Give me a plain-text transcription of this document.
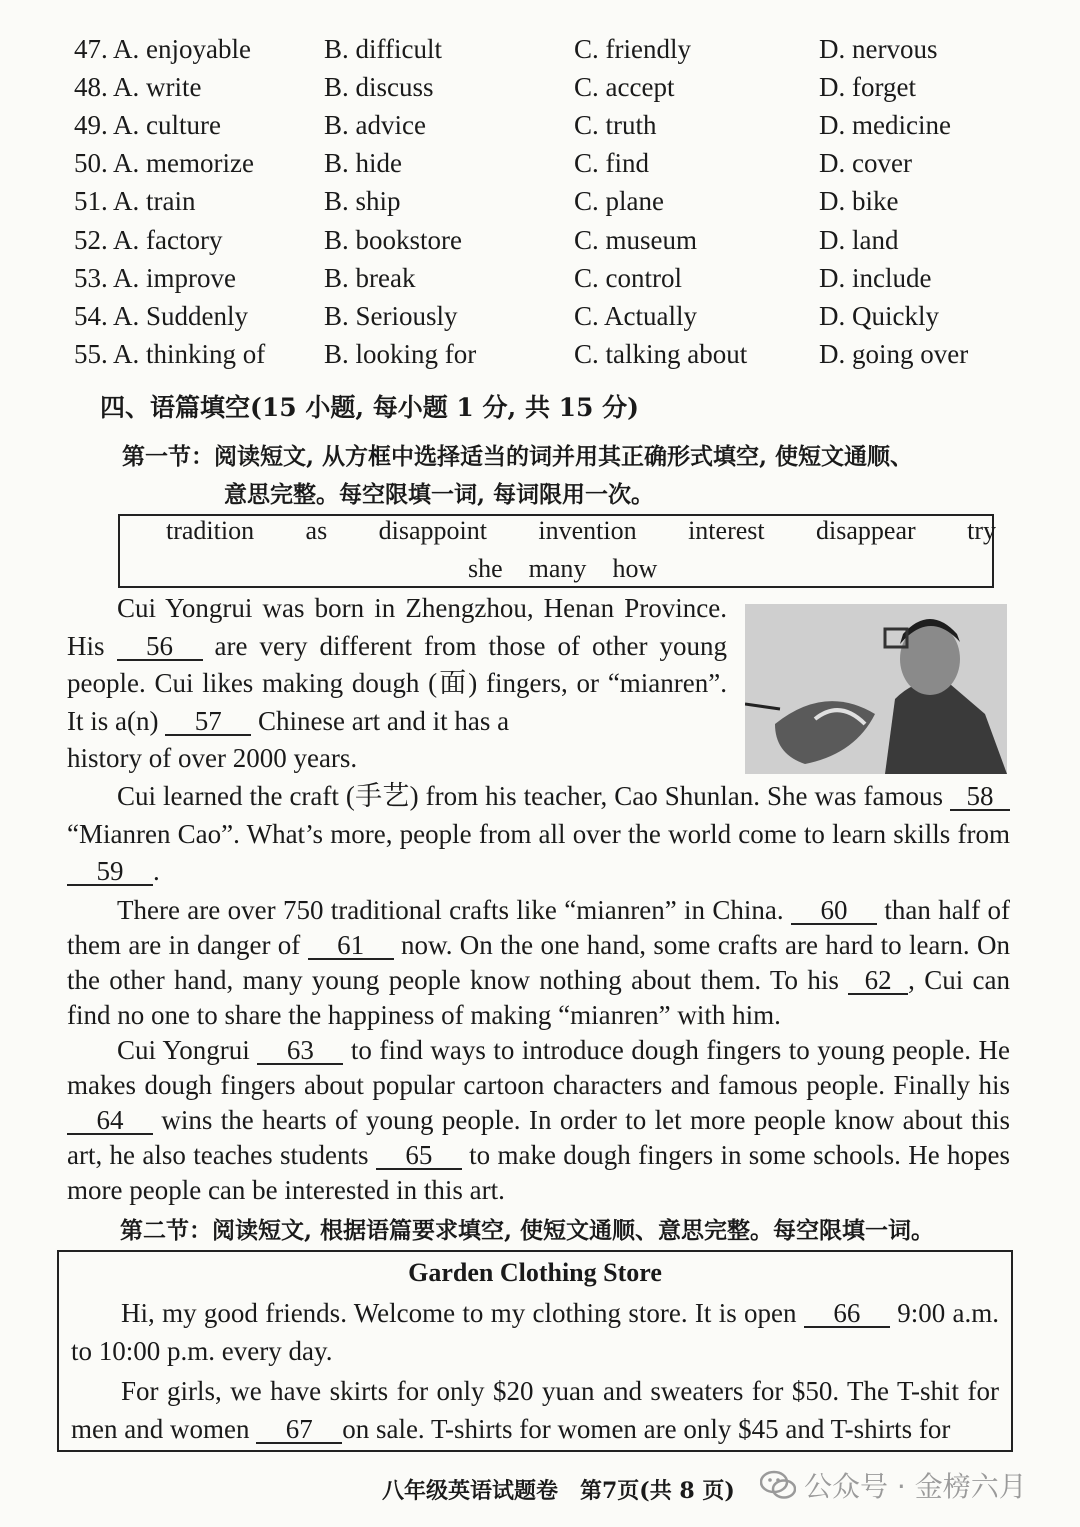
47. A. enjoyable	B. difficult	C. friendly	D. nervous
48. A. write	B. discuss	C. accept	D. forget
49. A. culture	B. advice	C. truth	D. medicine
50. A. memorize	B. hide	C. find	D. cover
51. A. train	B. ship	C. plane	D. bike
52. A. factory	B. bookstore	C. museum	D. land
53. A. improve	B. break	C. control	D. include
54. A. Suddenly	B. Seriously	C. Actually	D. Quickly
55. A. thinking of	B. looking for	C. talking about	D. going over
四、语篇填空(15 小题, 每小题 1 分, 共 15 分)
第一节：阅读短文, 从方框中选择适当的词并用其正确形式填空, 使短文通顺、
意思完整。每空限填一词, 每词限用一次。
tradition as disappoint invention interest disappear try
she many how
Cui Yongrui was born in Zhengzhou, Henan Province. His 56 are very different from those of other young people. Cui likes making dough (面) fingers, or “mianren”. It is a(n) 57 Chinese art and it has a
history of over 2000 years.
Cui learned the craft (手艺) from his teacher, Cao Shunlan. She was famous 58“Mianren Cao”. What’s more, people from all over the world come to learn skills from 59 .
There are over 750 traditional crafts like “mianren” in China. 60 than half of them are in danger of 61 now. On the one hand, some crafts are hard to learn. On the other hand, many young people know nothing about them. To his 62 , Cui can find no one to share the happiness of making “mianren” with him.
Cui Yongrui 63 to find ways to introduce dough fingers to young people. He makes dough fingers about popular cartoon characters and famous people. Finally his 64 wins the hearts of young people. In order to let more people know about this art, he also teaches students 65 to make dough fingers in some schools. He hopes more people can be interested in this art.
第二节：阅读短文, 根据语篇要求填空, 使短文通顺、意思完整。每空限填一词。
Garden Clothing Store
Hi, my good friends. Welcome to my clothing store. It is open 66 9:00 a.m. to 10:00 p.m. every day.
For girls, we have skirts for only $20 yuan and sweaters for $50. The T-shit for men and women 67 on sale. T-shirts for women are only $45 and T-shirts for
八年级英语试题卷　第7页(共 8 页) 公众号 · 金榜六月
